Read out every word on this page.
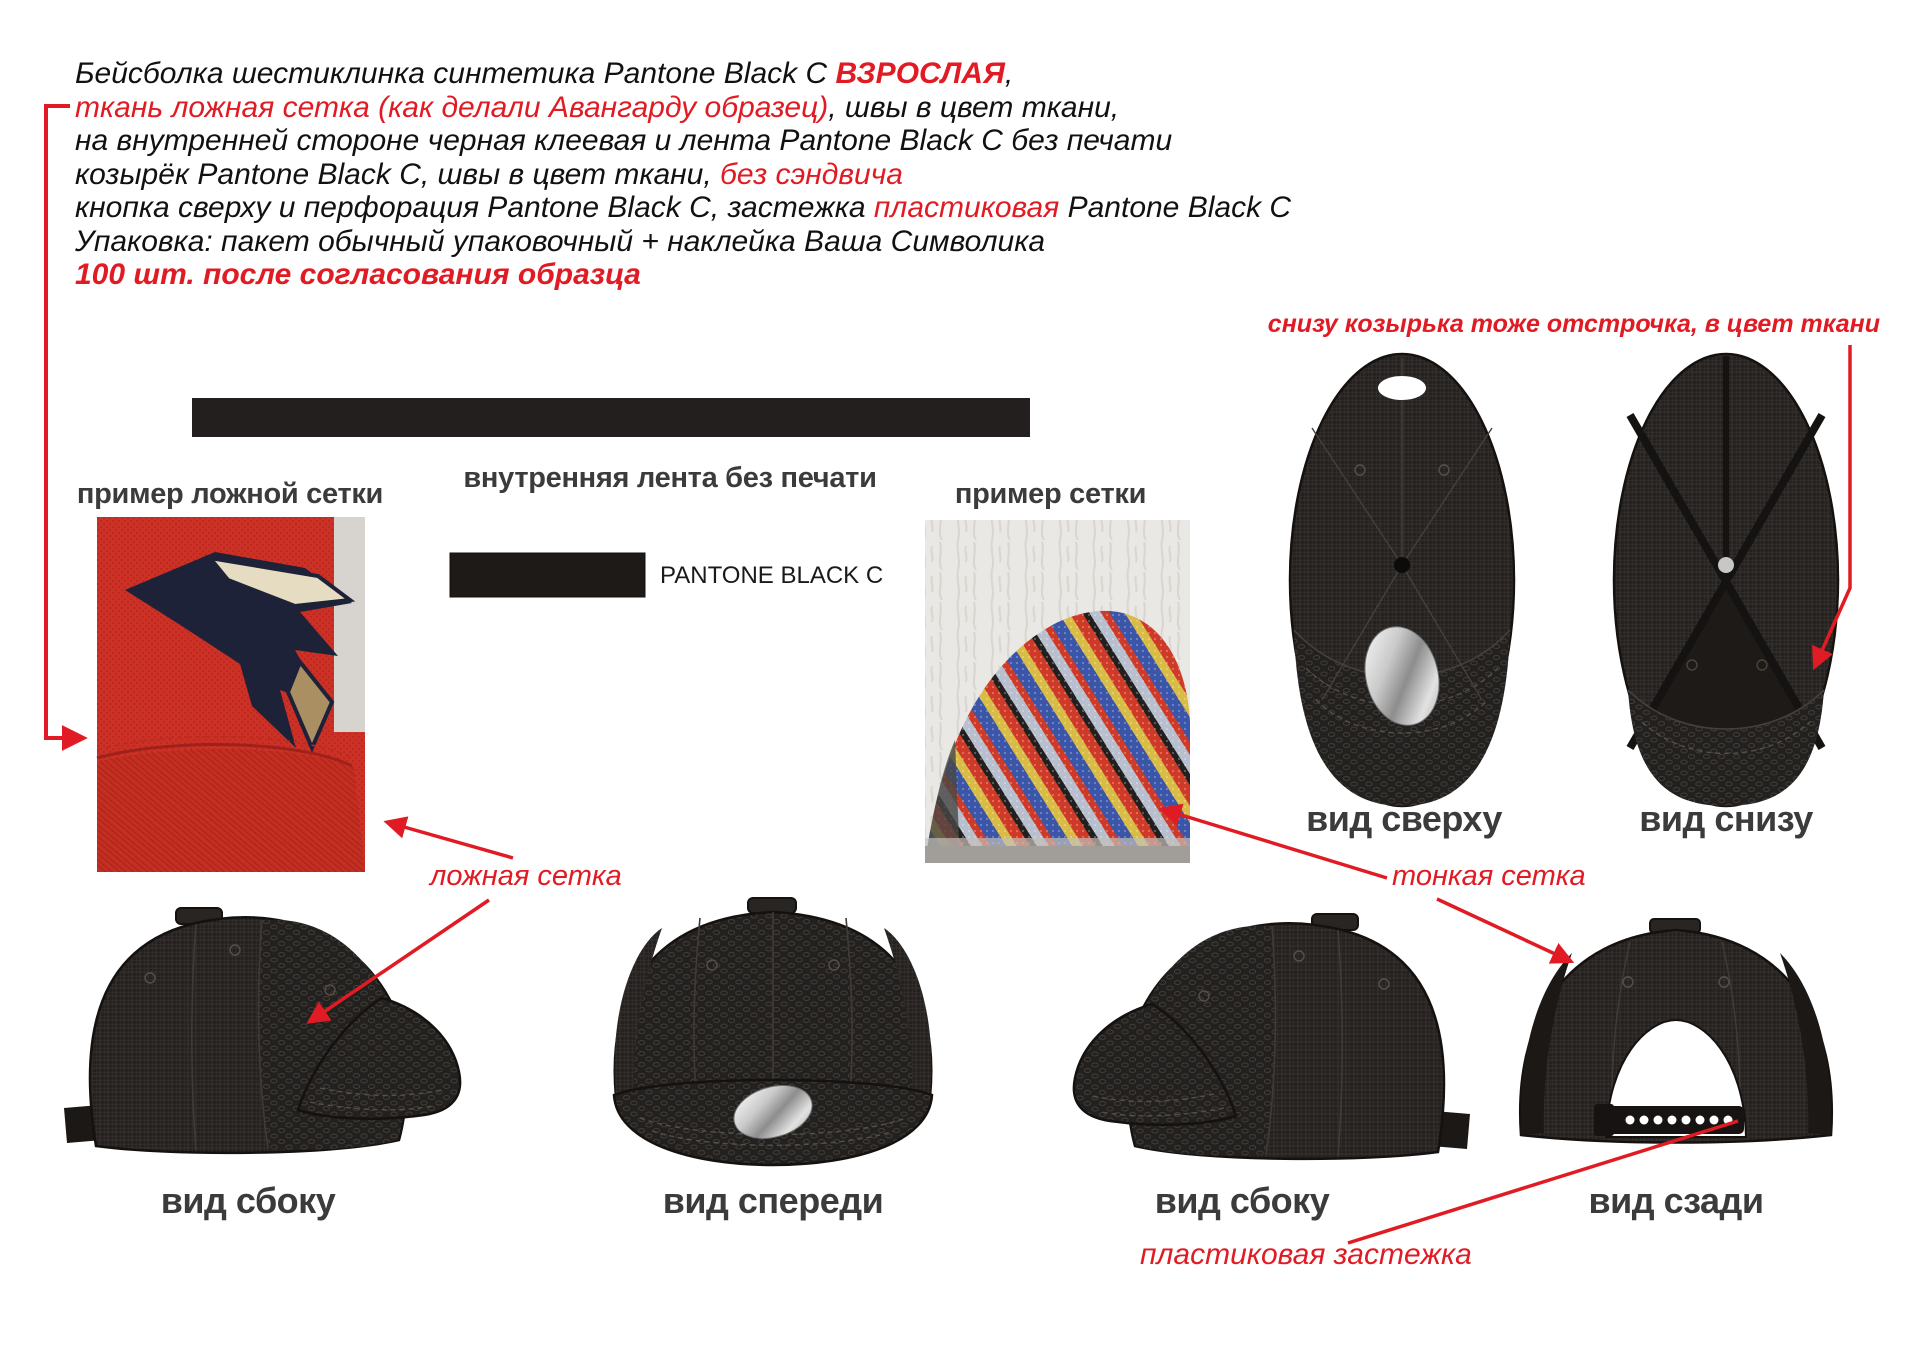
Бейсболка шестиклинка синтетика Pantone Black C ВЗРОСЛАЯ,
ткань ложная сетка (как делали Авангарду образец), швы в цвет ткани,
на внутренней стороне черная клеевая и лента Pantone Black C без печати
козырёк Pantone Black C, швы в цвет ткани, без сэндвича
кнопка сверху и перфорация Pantone Black C, застежка пластиковая Pantone Black C
Упаковка: пакет обычный упаковочный + наклейка Ваша Символика
100 шт. после согласования образца
пример ложной сетки	внутренняя лента без печати	пример сетки
PANTONE BLACK C
вид сверху	вид снизу
вид сбоку	вид спереди	вид сбоку	вид сзади
снизу козырька тоже отстрочка, в цвет ткани
ложная сетка	тонкая сетка
пластиковая застежка
